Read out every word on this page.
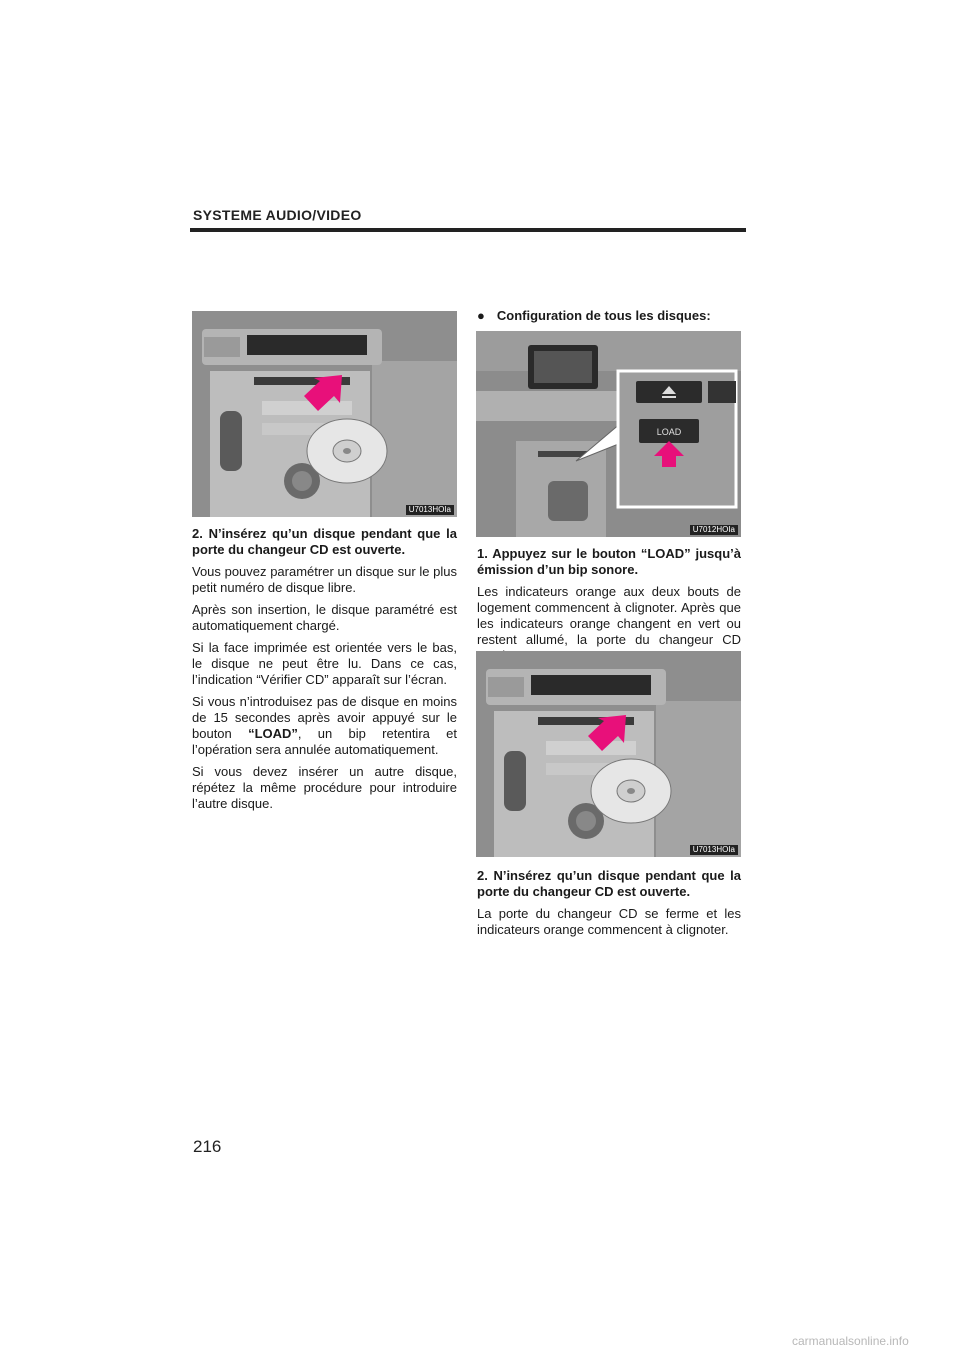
SYSTEME AUDIO/VIDEO
U7013HOIa

2. N’insérez qu’un disque pendant que la porte du changeur CD est ouverte.

Vous pouvez paramétrer un disque sur le plus petit numéro de disque libre.

Après son insertion, le disque paramétré est automatiquement chargé.

Si la face imprimée est orientée vers le bas, le disque ne peut être lu. Dans ce cas, l’indication “Vérifier CD” apparaît sur l’écran.

Si vous n’introduisez pas de disque en moins de 15 secondes après avoir appuyé sur le bouton “LOAD”, un bip retentira et l’opération sera annulée automatiquement.

Si vous devez insérer un autre disque, répétez la même procédure pour introduire l’autre disque.

● Configuration de tous les disques:
LOAD
U7012HOIa

1. Appuyez sur le bouton “LOAD” jusqu’à émission d’un bip sonore.

Les indicateurs orange aux deux bouts de logement commencent à clignoter. Après que les indicateurs orange changent en vert ou restent allumé, la porte du changeur CD

U7013HOIa

2. N’insérez qu’un disque pendant que la porte du changeur CD est ouverte.

La porte du changeur CD se ferme et les indicateurs orange commencent à clignoter.

216
carmanualsonline.info
